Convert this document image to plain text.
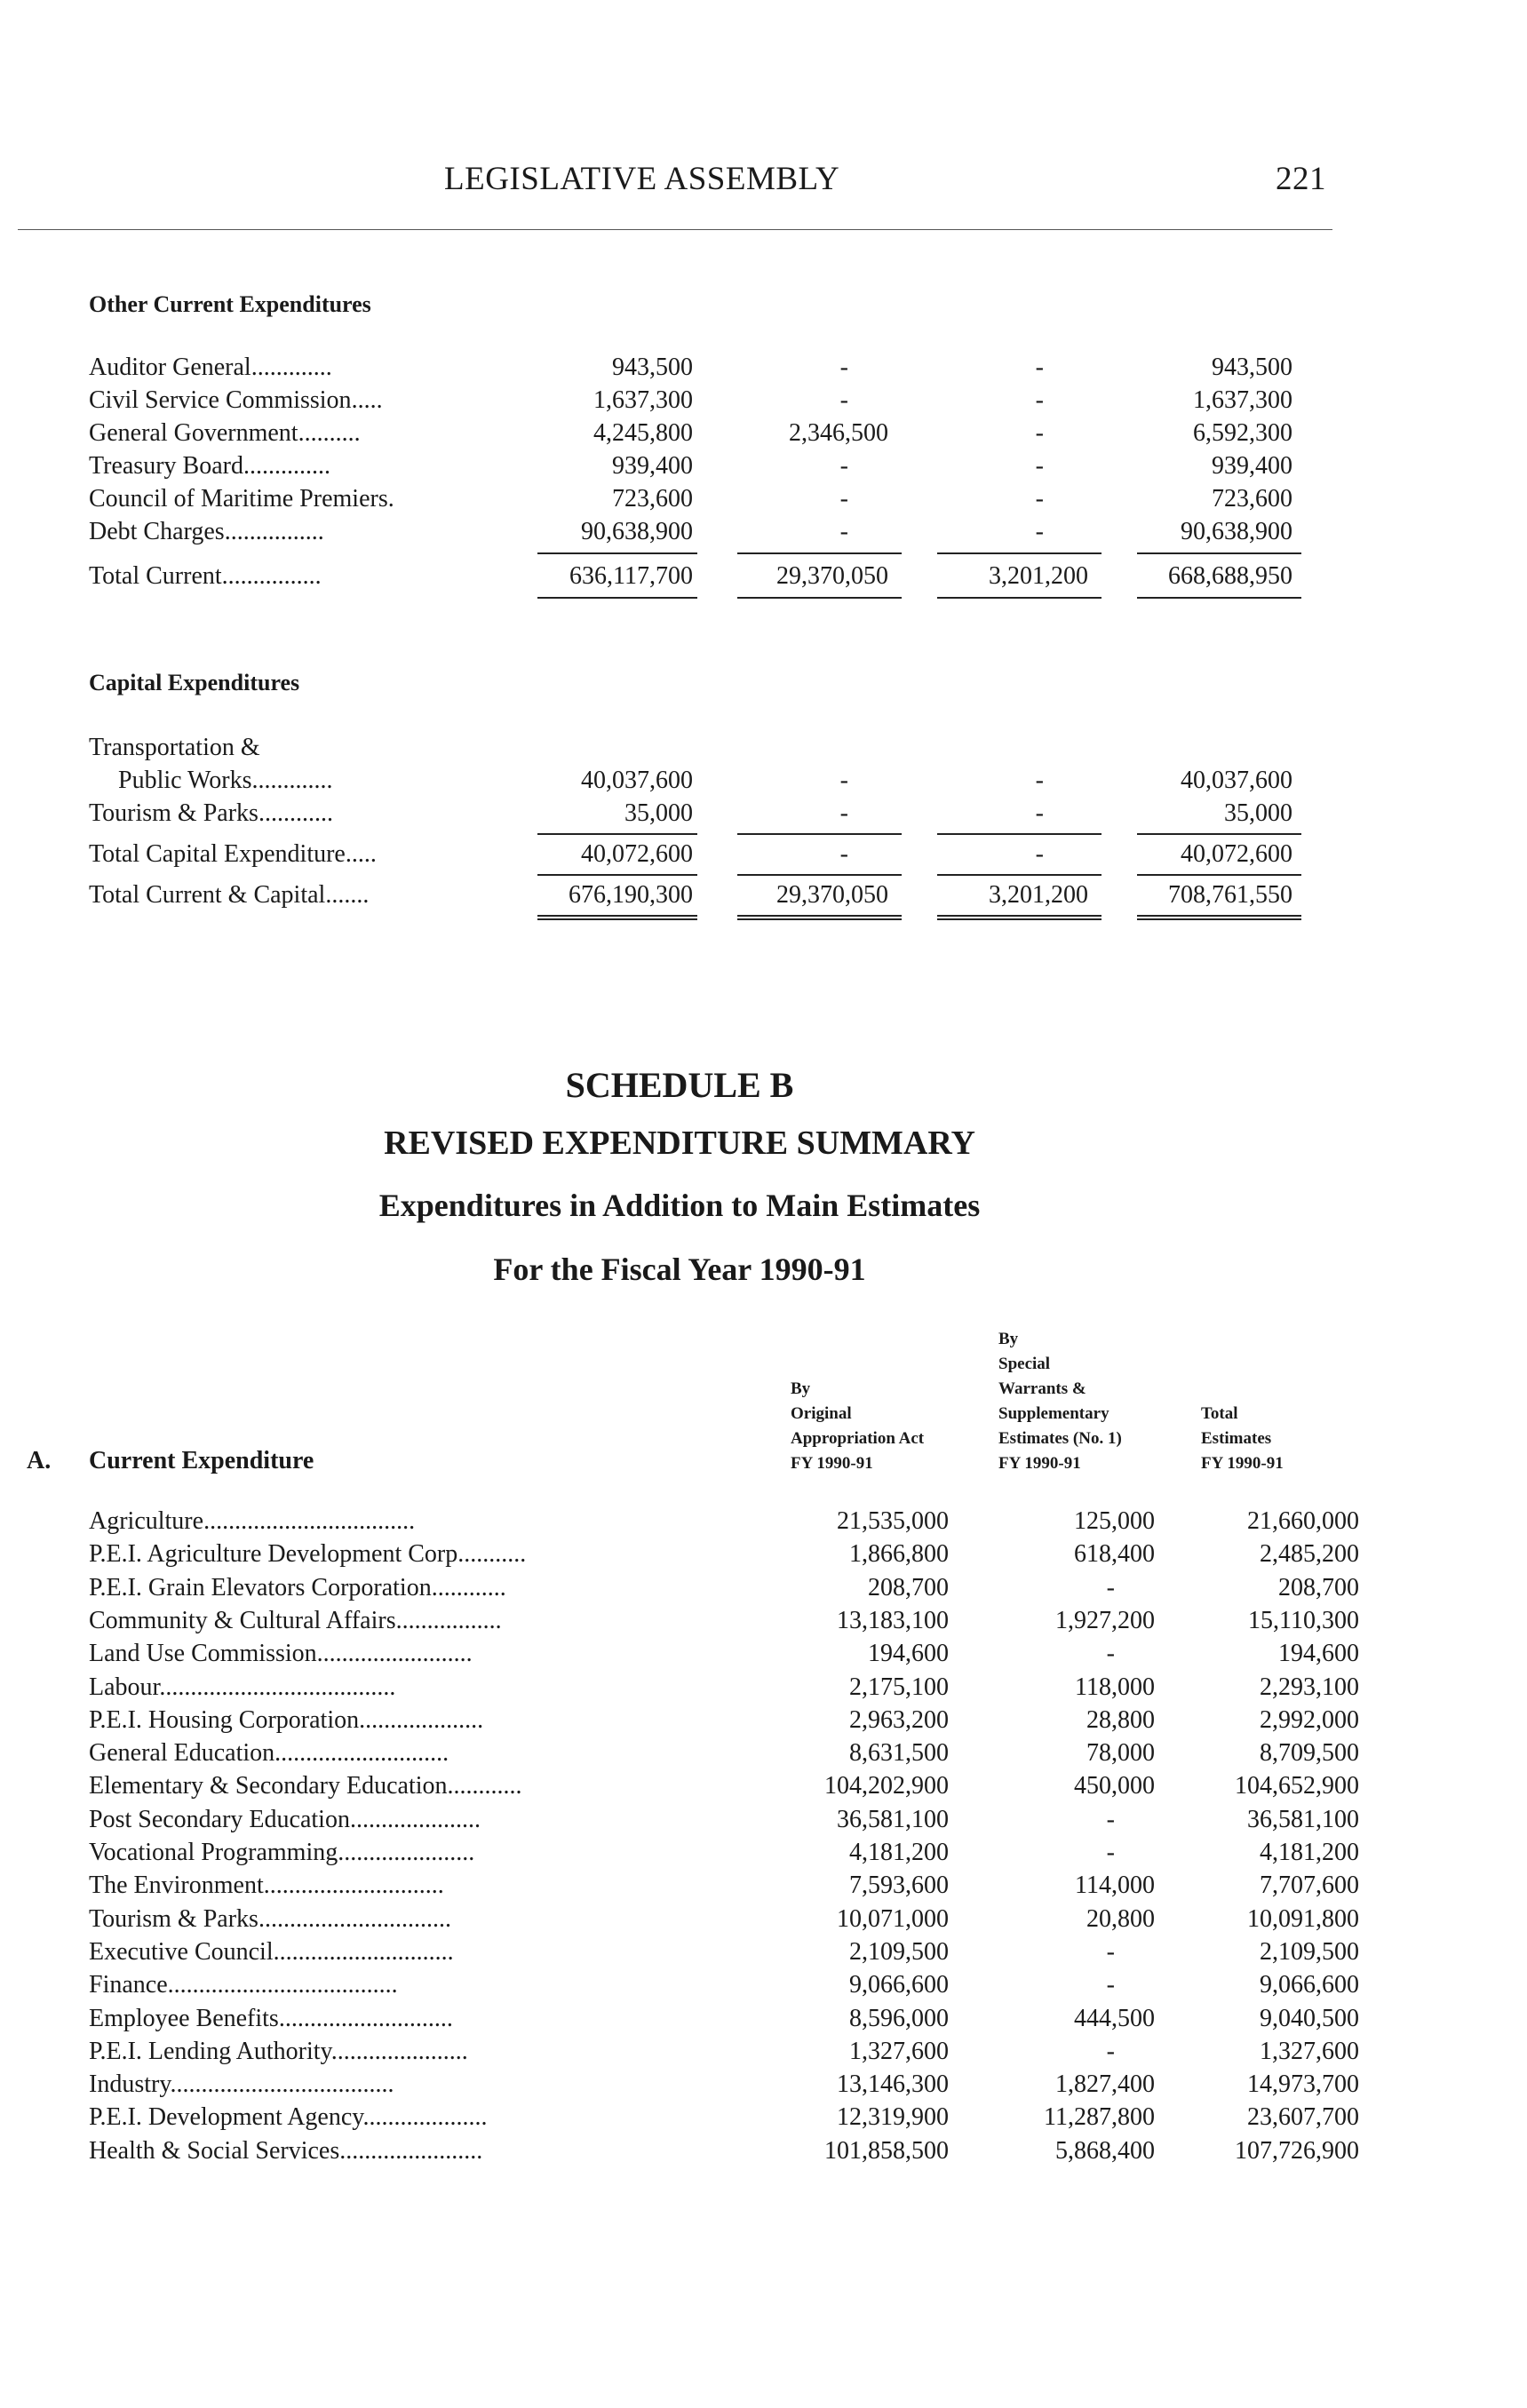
LEGISLATIVE ASSEMBLY	221
Other Current Expenditures
Auditor General.............	943,500	-	-	943,500
Civil Service Commission.....	1,637,300	-	-	1,637,300
General Government..........	4,245,800	2,346,500	-	6,592,300
Treasury Board..............	939,400	-	-	939,400
Council of Maritime Premiers.	723,600	-	-	723,600
Debt Charges................	90,638,900	-	-	90,638,900
Total Current................	636,117,700	29,370,050	3,201,200	668,688,950
Capital Expenditures
Transportation &
Public Works.............	40,037,600	-	-	40,037,600
Tourism & Parks............	35,000	-	-	35,000
Total Capital Expenditure.....	40,072,600	-	-	40,072,600
Total Current & Capital.......	676,190,300	29,370,050	3,201,200	708,761,550
SCHEDULE B
REVISED EXPENDITURE SUMMARY
Expenditures in Addition to Main Estimates
For the Fiscal Year 1990-91
By
Original
Appropriation Act
FY 1990-91
By
Special
Warrants &
Supplementary
Estimates (No. 1)
FY 1990-91
Total
Estimates
FY 1990-91
A. Current Expenditure
Agriculture..................................	21,535,000	125,000	21,660,000
P.E.I. Agriculture Development Corp...........	1,866,800	618,400	2,485,200
P.E.I. Grain Elevators Corporation............	208,700	-	208,700
Community & Cultural Affairs.................	13,183,100	1,927,200	15,110,300
Land Use Commission.........................	194,600	-	194,600
Labour......................................	2,175,100	118,000	2,293,100
P.E.I. Housing Corporation....................	2,963,200	28,800	2,992,000
General Education............................	8,631,500	78,000	8,709,500
Elementary & Secondary Education............	104,202,900	450,000	104,652,900
Post Secondary Education.....................	36,581,100	-	36,581,100
Vocational Programming......................	4,181,200	-	4,181,200
The Environment.............................	7,593,600	114,000	7,707,600
Tourism & Parks...............................	10,071,000	20,800	10,091,800
Executive Council.............................	2,109,500	-	2,109,500
Finance.....................................	9,066,600	-	9,066,600
Employee Benefits............................	8,596,000	444,500	9,040,500
P.E.I. Lending Authority......................	1,327,600	-	1,327,600
Industry....................................	13,146,300	1,827,400	14,973,700
P.E.I. Development Agency....................	12,319,900	11,287,800	23,607,700
Health & Social Services.......................	101,858,500	5,868,400	107,726,900
